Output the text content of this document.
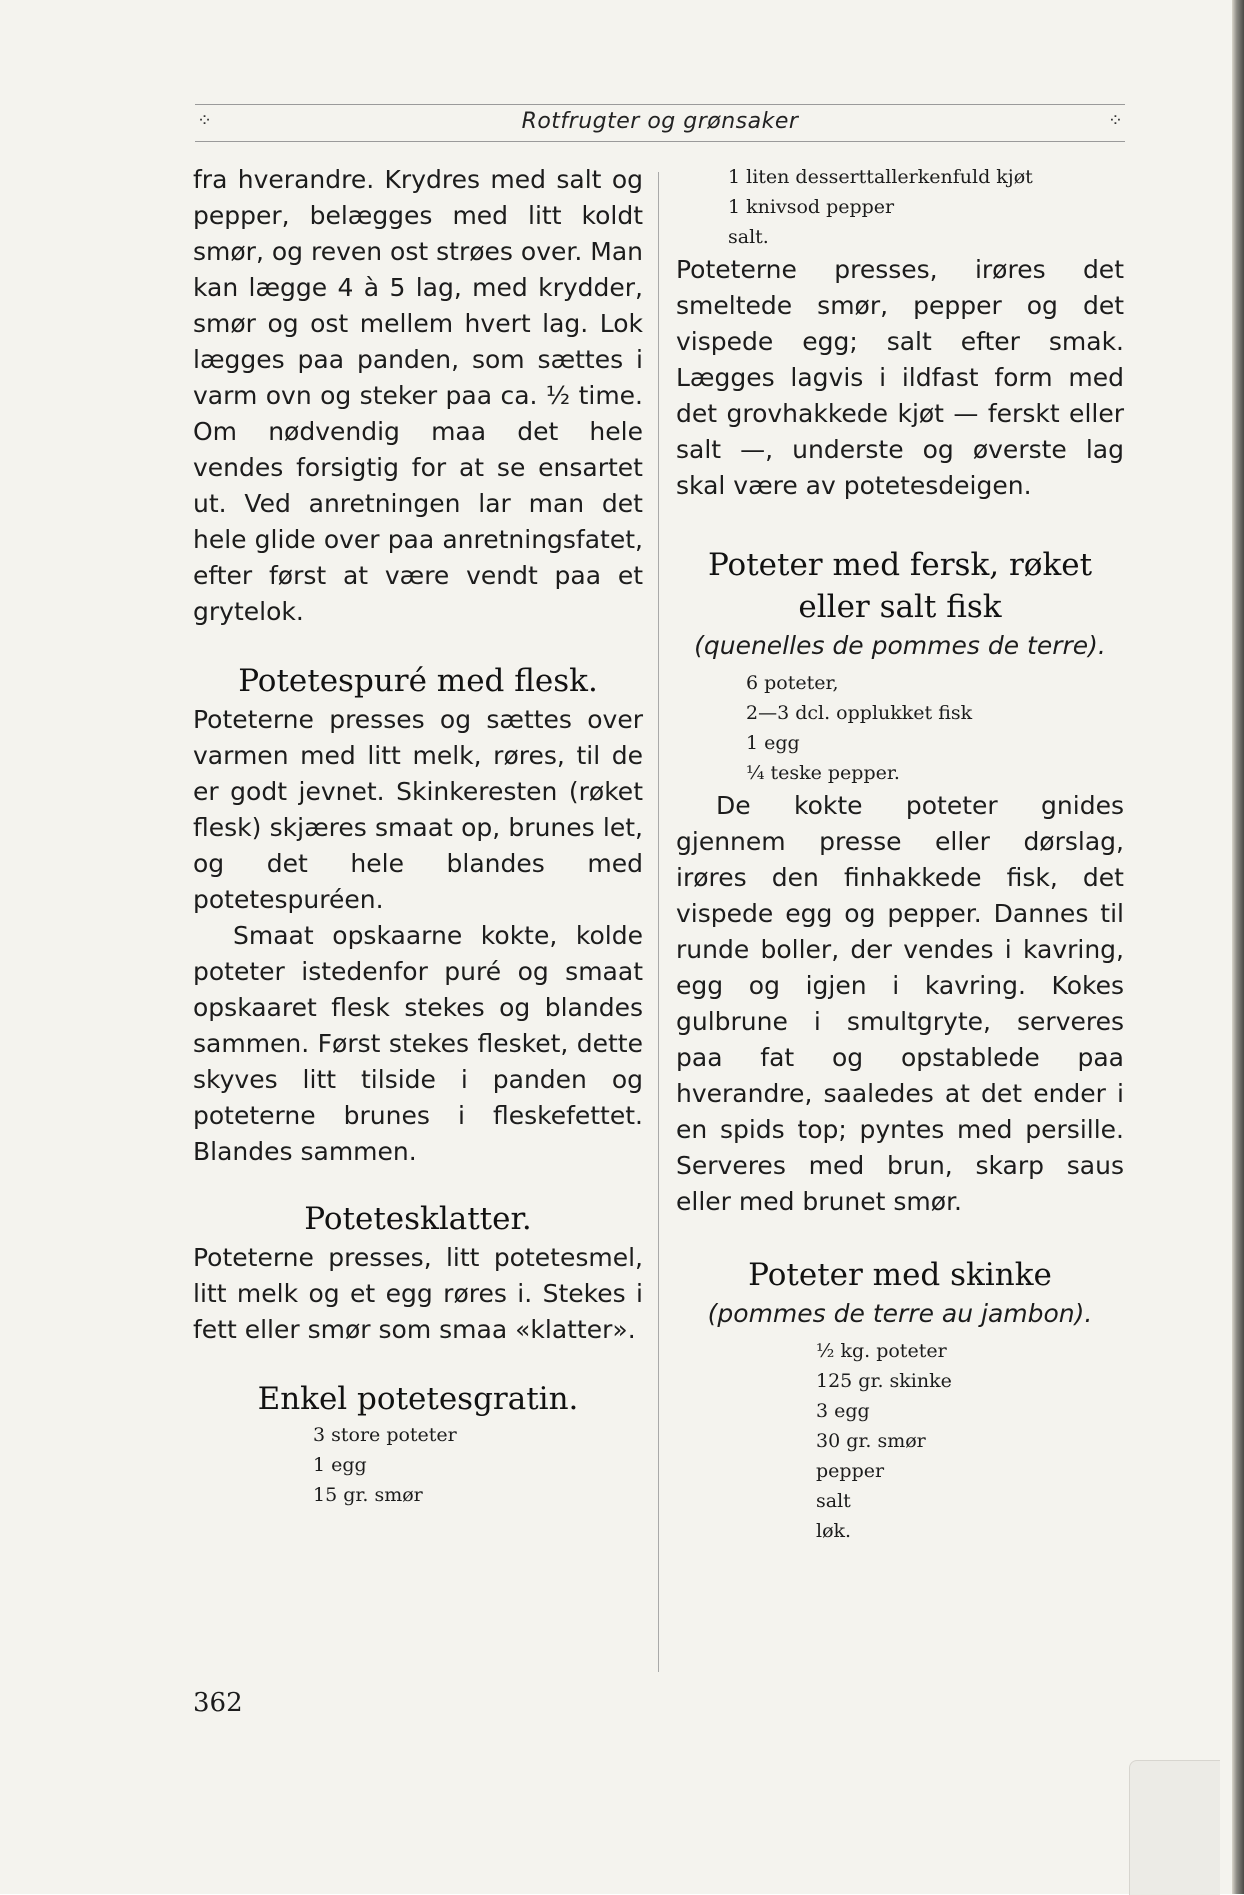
⁘	Rotfrugter og grønsaker	⁘

fra hverandre. Krydres med salt og pepper, belægges med litt koldt smør, og reven ost strøes over. Man kan lægge 4 à 5 lag, med krydder, smør og ost mellem hvert lag. Lok lægges paa panden, som sættes i varm ovn og steker paa ca. ½ time. Om nødvendig maa det hele vendes forsigtig for at se ensartet ut. Ved anretningen lar man det hele glide over paa anretningsfatet, efter først at være vendt paa et grytelok.

Potetespuré med flesk.

Poteterne presses og sættes over varmen med litt melk, røres, til de er godt jevnet. Skinkeresten (røket flesk) skjæres smaat op, brunes let, og det hele blandes med potetespuréen.

Smaat opskaarne kokte, kolde poteter istedenfor puré og smaat opskaaret flesk stekes og blandes sammen. Først stekes flesket, dette skyves litt tilside i panden og poteterne brunes i fleskefettet. Blandes sammen.

Potetesklatter.

Poteterne presses, litt potetesmel, litt melk og et egg røres i. Stekes i fett eller smør som smaa «klatter».

Enkel potetesgratin.
3 store poteter
1 egg
15 gr. smør
1 liten desserttallerkenfuld kjøt
1 knivsod pepper
salt.

Poteterne presses, irøres det smeltede smør, pepper og det vispede egg; salt efter smak. Lægges lagvis i ildfast form med det grovhakkede kjøt — ferskt eller salt —, underste og øverste lag skal være av potetesdeigen.

Poteter med fersk, røket eller salt fisk
(quenelles de pommes de terre).
6 poteter,
2—3 dcl. opplukket fisk
1 egg
¼ teske pepper.

De kokte poteter gnides gjennem presse eller dørslag, irøres den finhakkede fisk, det vispede egg og pepper. Dannes til runde boller, der vendes i kavring, egg og igjen i kavring. Kokes gulbrune i smultgryte, serveres paa fat og opstablede paa hverandre, saaledes at det ender i en spids top; pyntes med persille. Serveres med brun, skarp saus eller med brunet smør.

Poteter med skinke
(pommes de terre au jambon).
½ kg. poteter
125 gr. skinke
3 egg
30 gr. smør
pepper
salt
løk.
362
